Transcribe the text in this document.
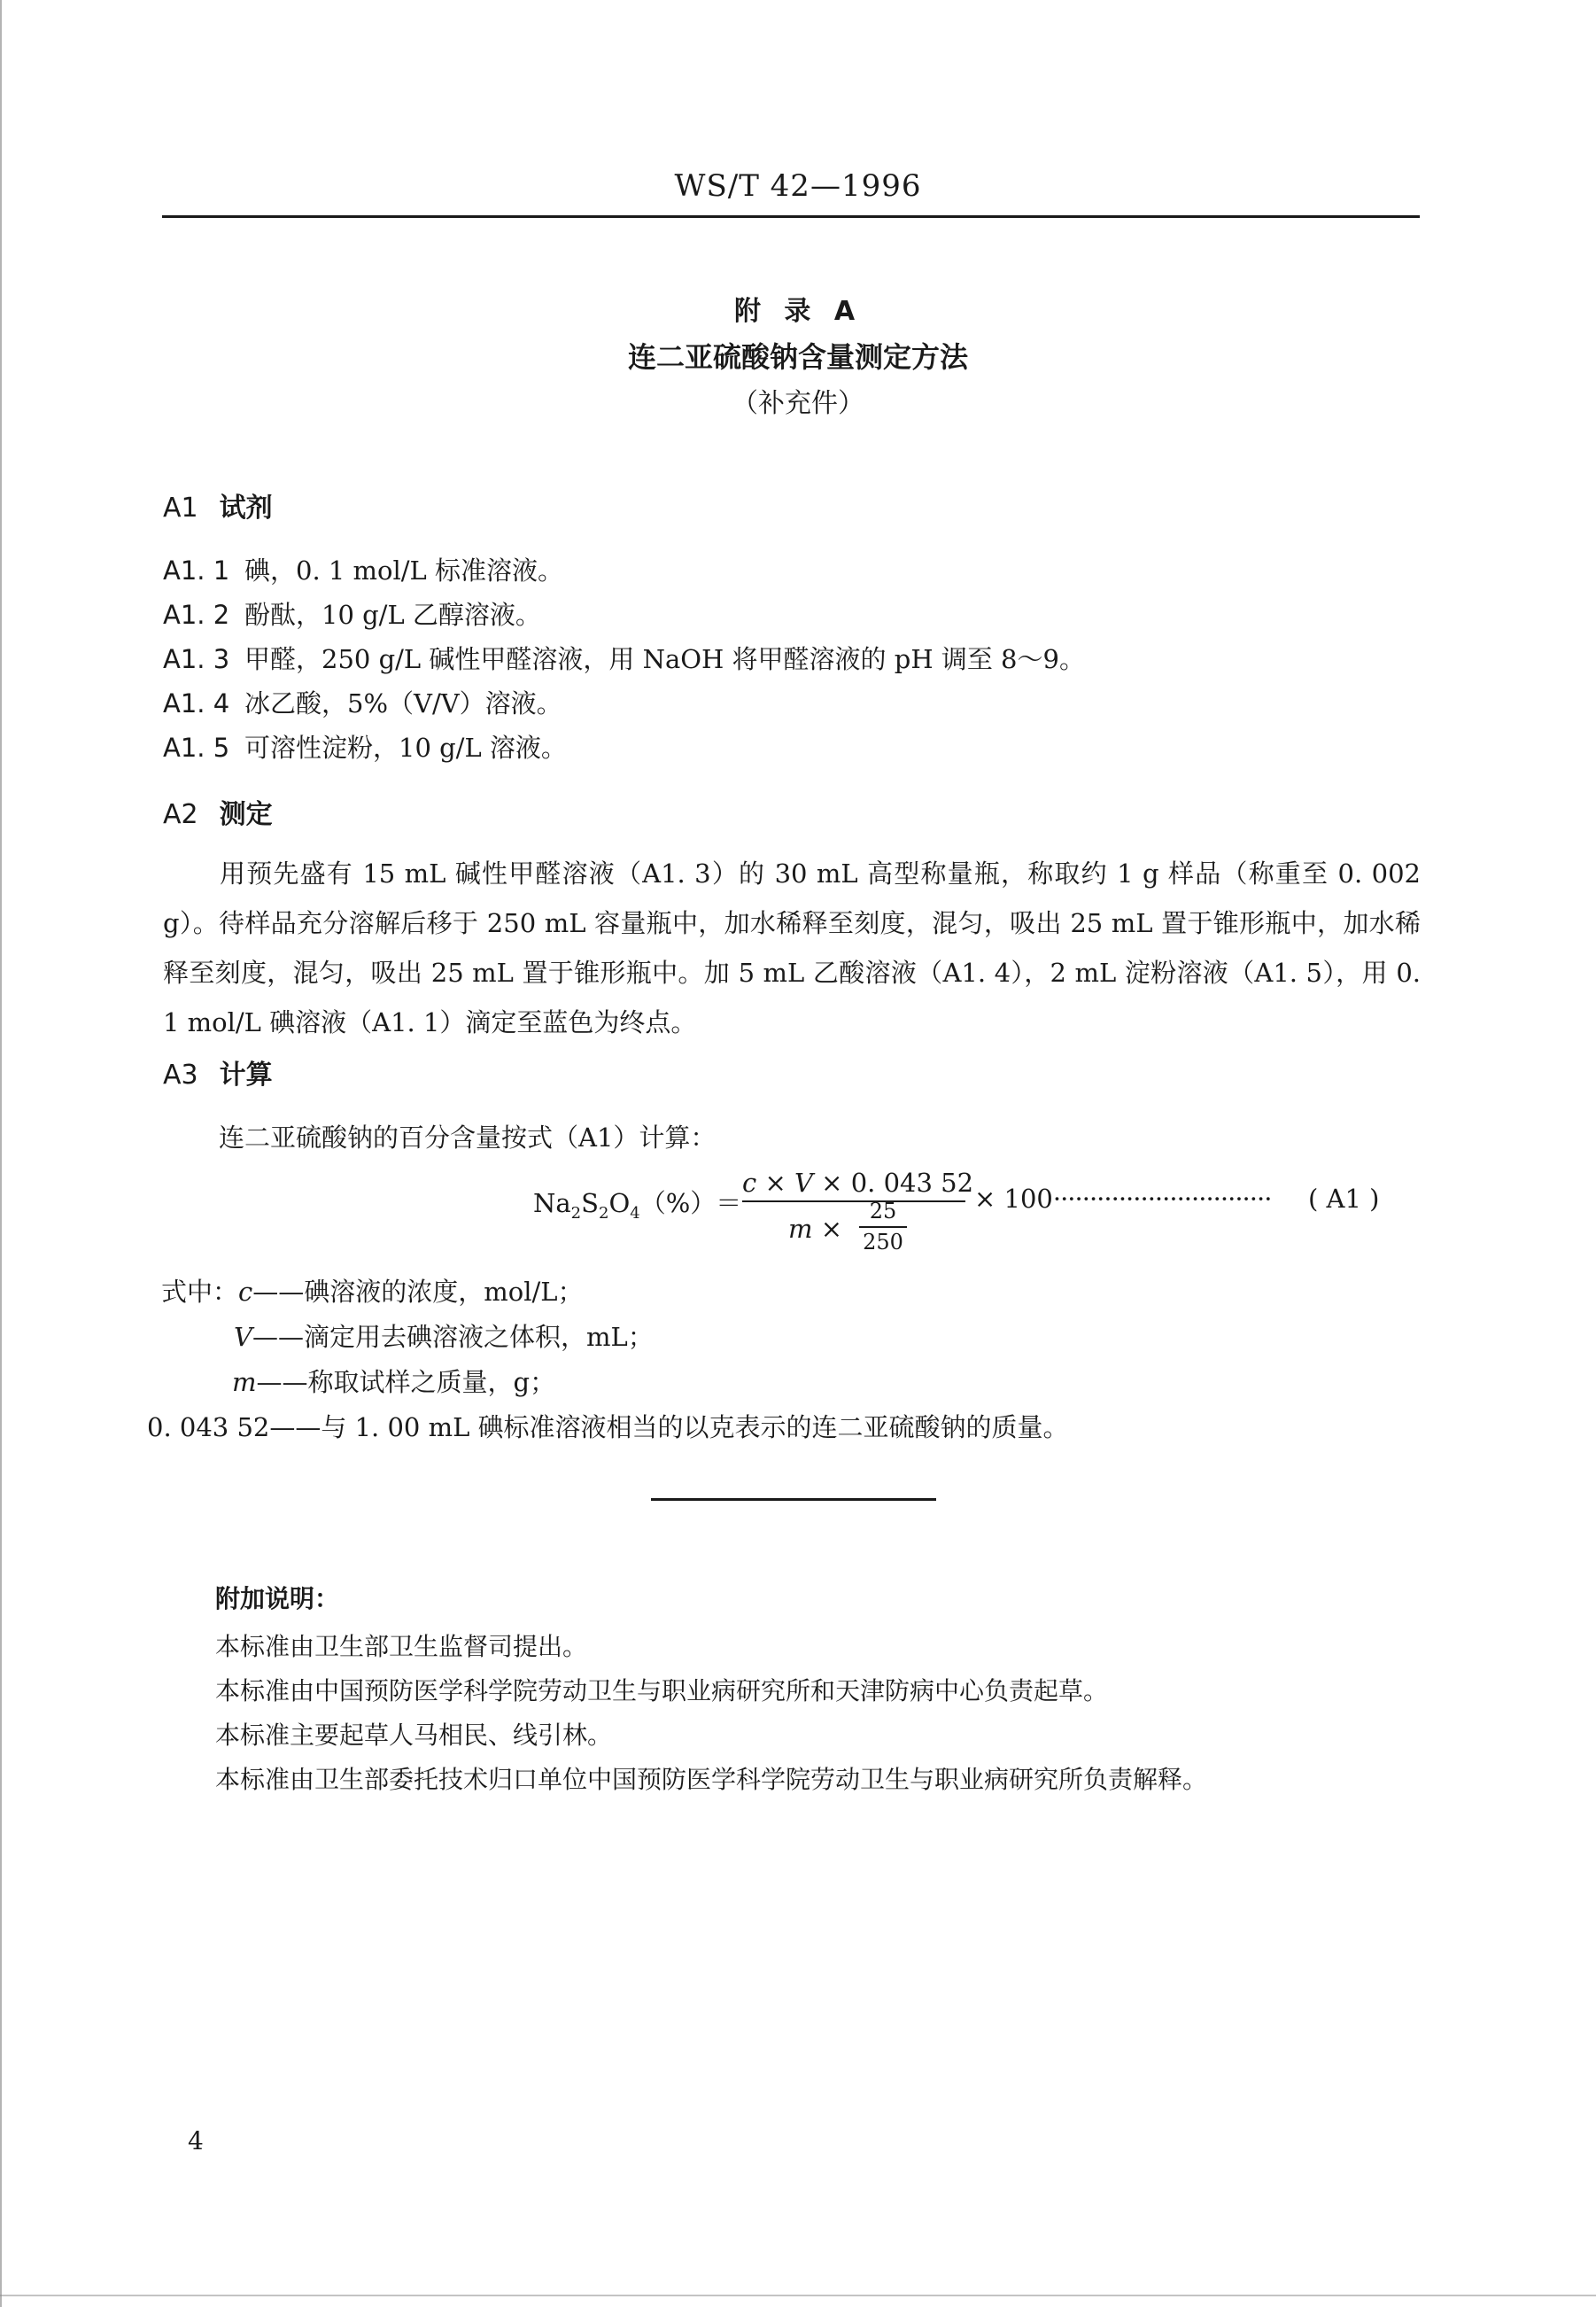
WS/T 42—1996
附 录 A
连二亚硫酸钠含量测定方法
（补充件）
A1 试剂
A1. 1 碘，0. 1 mol/L 标准溶液。
A1. 2 酚酞，10 g/L 乙醇溶液。
A1. 3 甲醛，250 g/L 碱性甲醛溶液，用 NaOH 将甲醛溶液的 pH 调至 8～9。
A1. 4 冰乙酸，5%（V/V）溶液。
A1. 5 可溶性淀粉，10 g/L 溶液。
A2 测定
用预先盛有 15 mL 碱性甲醛溶液（A1. 3）的 30 mL 高型称量瓶，称取约 1 g 样品（称重至 0. 002 g）。待样品充分溶解后移于 250 mL 容量瓶中，加水稀释至刻度，混匀，吸出 25 mL 置于锥形瓶中，加水稀释至刻度，混匀，吸出 25 mL 置于锥形瓶中。加 5 mL 乙酸溶液（A1. 4），2 mL 淀粉溶液（A1. 5），用 0. 1 mol/L 碘溶液（A1. 1）滴定至蓝色为终点。
A3 计算
连二亚硫酸钠的百分含量按式（A1）计算：
$Na_2S_2O_4(\%)=$
c × V × 0. 043 52
m ×
25
250
× 100······························ ( A1 )
式中：c——碘溶液的浓度，mol/L；
V——滴定用去碘溶液之体积，mL；
m——称取试样之质量，g；
0. 043 52——与 1. 00 mL 碘标准溶液相当的以克表示的连二亚硫酸钠的质量。
附加说明：
本标准由卫生部卫生监督司提出。
本标准由中国预防医学科学院劳动卫生与职业病研究所和天津防病中心负责起草。
本标准主要起草人马相民、线引林。
本标准由卫生部委托技术归口单位中国预防医学科学院劳动卫生与职业病研究所负责解释。
4
